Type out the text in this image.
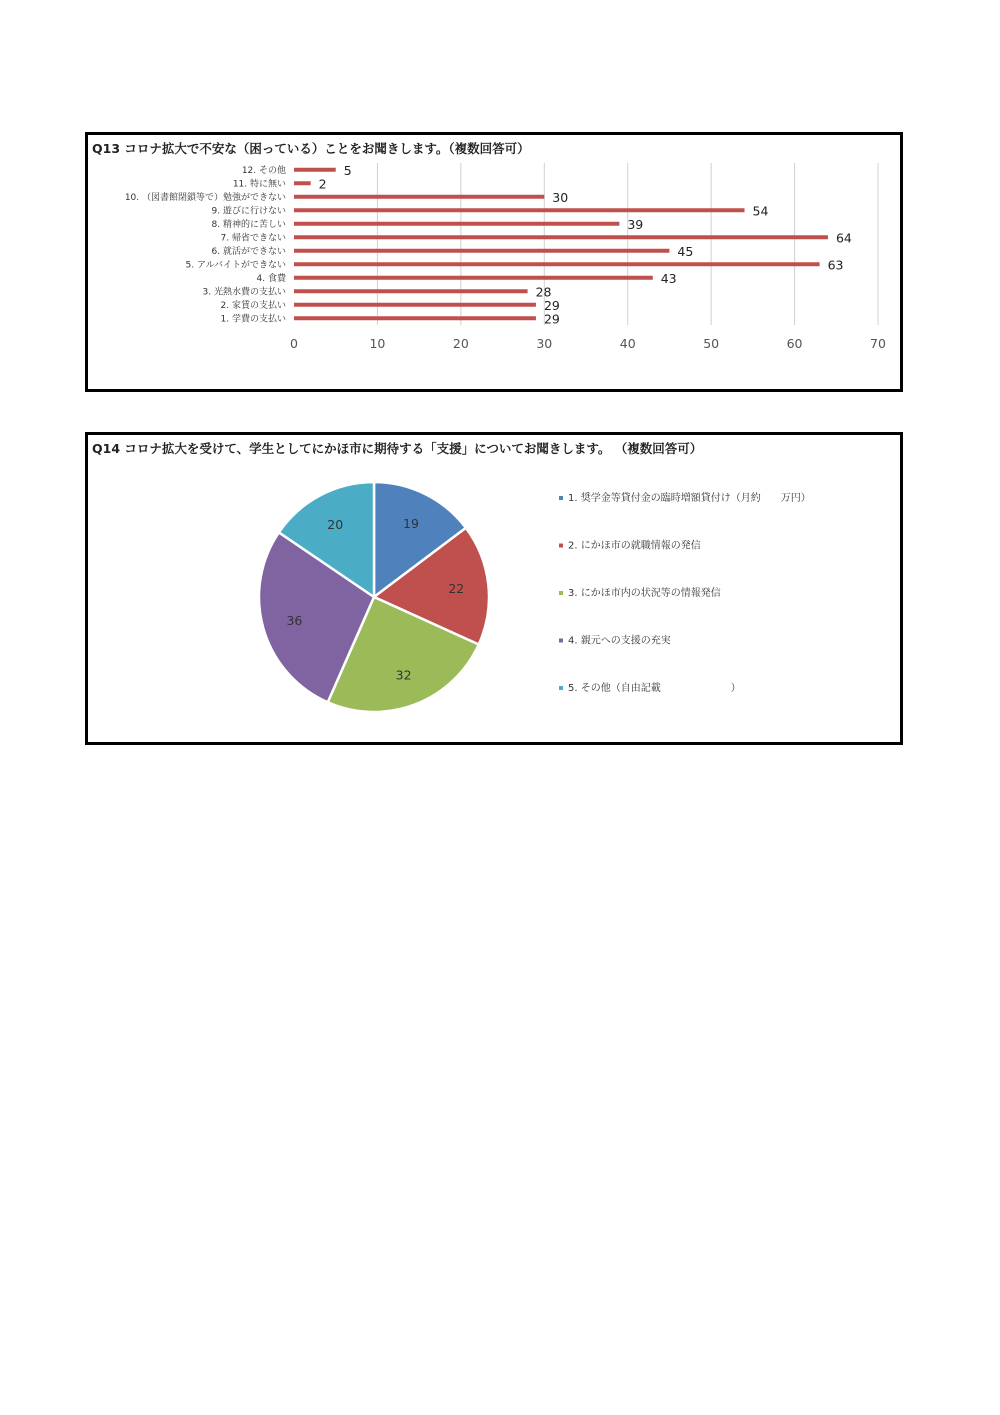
Q13 コロナ拡大で不安な（困っている）ことをお聞きします。（複数回答可）
0	10	20	30	40	50	60	70
1. 学費の支払い	29
2. 家賃の支払い	29
3. 光熱水費の支払い	28
4. 食費	43
5. アルバイトができない	63
6. 就活ができない	45
7. 帰省できない	64
8. 精神的に苦しい	39
9. 遊びに行けない	54
10. （図書館閉鎖等で）勉強ができない	30
11. 特に無い	2
12. その他	5
Q14 コロナ拡大を受けて、学生としてにかほ市に期待する「支援」についてお聞きします。 （複数回答可）
19
22
32
36
20
1. 奨学金等貸付金の臨時増額貸付け（月約　　万円）
2. にかほ市の就職情報の発信
3. にかほ市内の状況等の情報発信
4. 親元への支援の充実
5. その他（自由記載　　　　　　　）
